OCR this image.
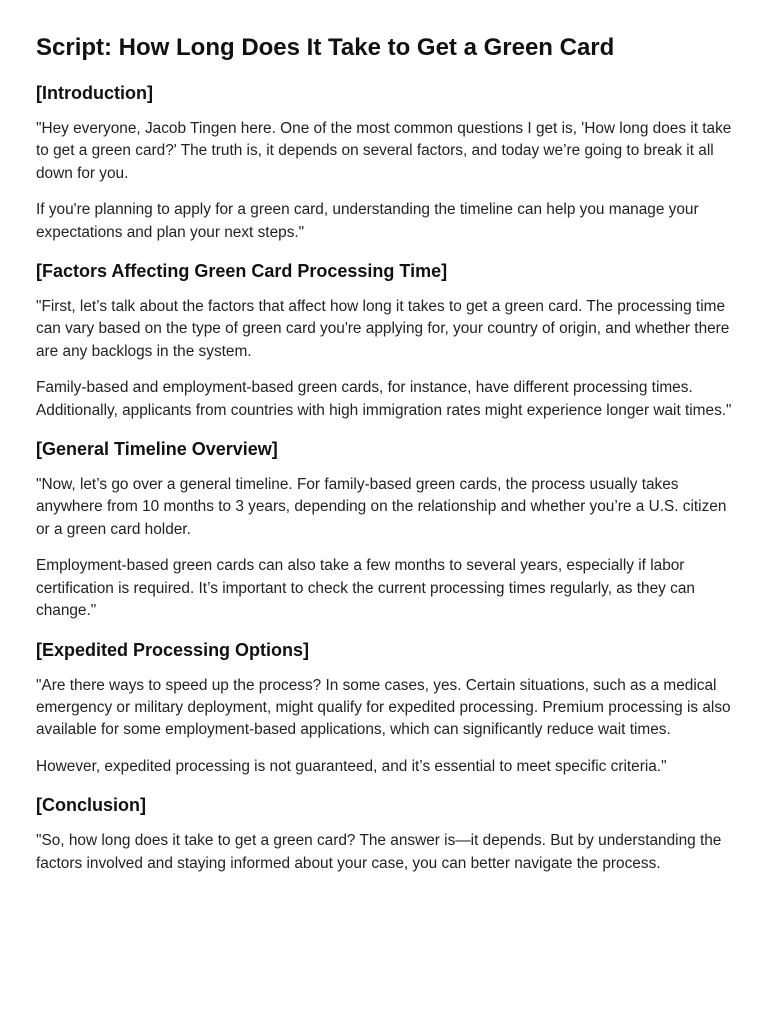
Script: How Long Does It Take to Get a Green Card
[Introduction]

"Hey everyone, Jacob Tingen here. One of the most common questions I get is, 'How long does it take to get a green card?' The truth is, it depends on several factors, and today we’re going to break it all down for you.

If you're planning to apply for a green card, understanding the timeline can help you manage your expectations and plan your next steps."

[Factors Affecting Green Card Processing Time]

"First, let’s talk about the factors that affect how long it takes to get a green card. The processing time can vary based on the type of green card you're applying for, your country of origin, and whether there are any backlogs in the system.

Family-based and employment-based green cards, for instance, have different processing times. Additionally, applicants from countries with high immigration rates might experience longer wait times."

[General Timeline Overview]

"Now, let’s go over a general timeline. For family-based green cards, the process usually takes anywhere from 10 months to 3 years, depending on the relationship and whether you’re a U.S. citizen or a green card holder.

Employment-based green cards can also take a few months to several years, especially if labor certification is required. It’s important to check the current processing times regularly, as they can change."

[Expedited Processing Options]

"Are there ways to speed up the process? In some cases, yes. Certain situations, such as a medical emergency or military deployment, might qualify for expedited processing. Premium processing is also available for some employment-based applications, which can significantly reduce wait times.

However, expedited processing is not guaranteed, and it’s essential to meet specific criteria."

[Conclusion]

"So, how long does it take to get a green card? The answer is—it depends. But by understanding the factors involved and staying informed about your case, you can better navigate the process.
